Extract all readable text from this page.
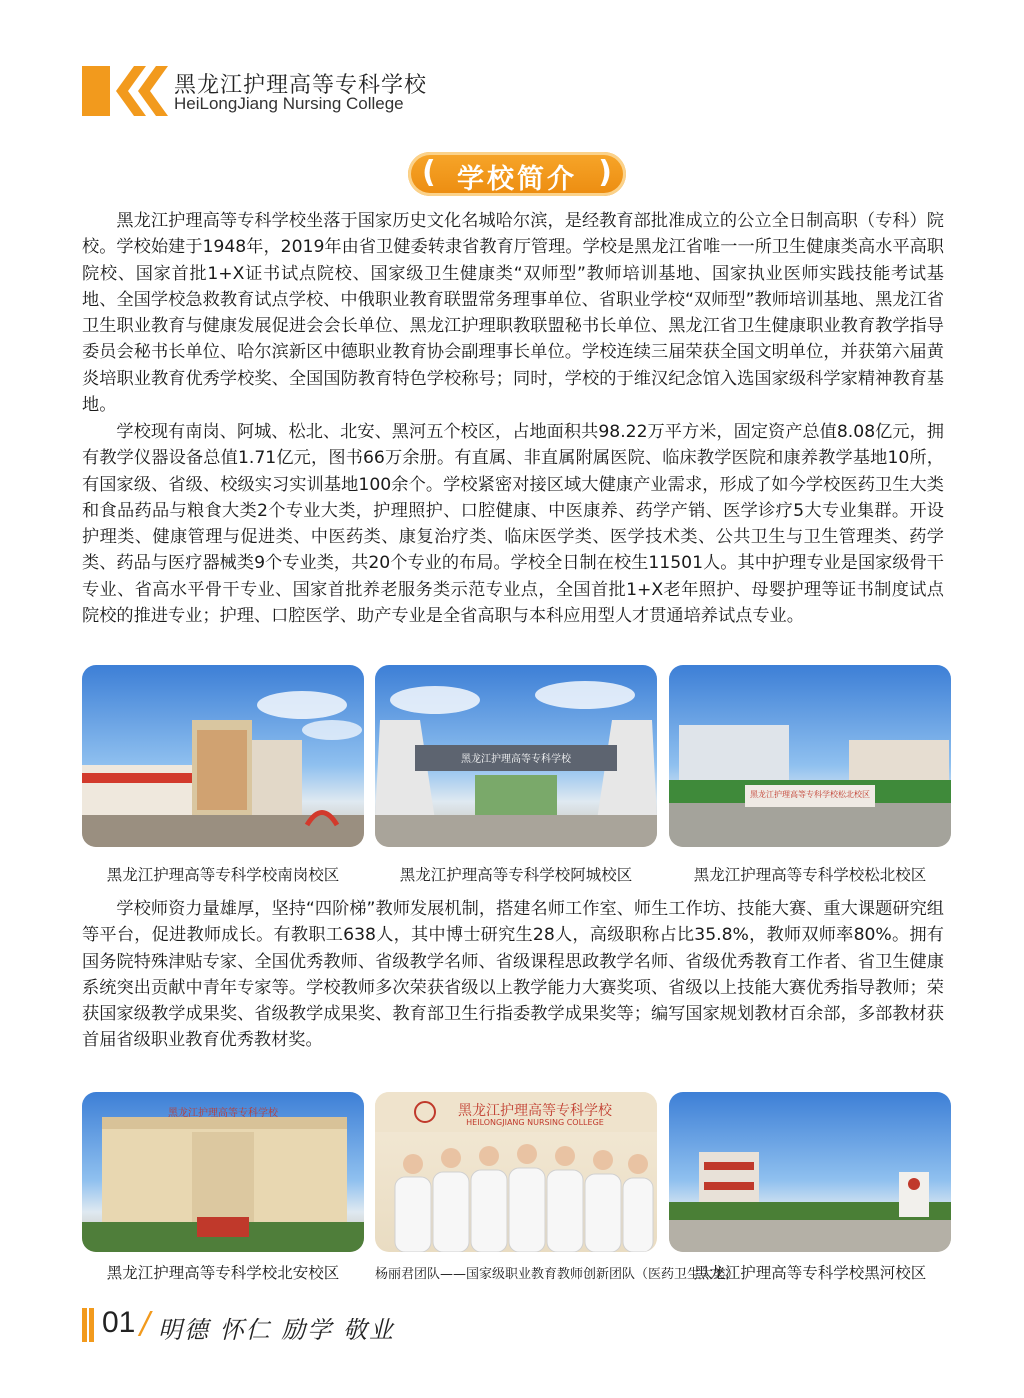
黑龙江护理高等专科学校
HeiLongJiang Nursing College
(	)
学校简介

黑龙江护理高等专科学校坐落于国家历史文化名城哈尔滨，是经教育部批准成立的公立全日制高职（专科）院校。学校始建于1948年，2019年由省卫健委转隶省教育厅管理。学校是黑龙江省唯一一所卫生健康类高水平高职院校、国家首批1+X证书试点院校、国家级卫生健康类“双师型”教师培训基地、国家执业医师实践技能考试基地、全国学校急救教育试点学校、中俄职业教育联盟常务理事单位、省职业学校“双师型”教师培训基地、黑龙江省卫生职业教育与健康发展促进会会长单位、黑龙江护理职教联盟秘书长单位、黑龙江省卫生健康职业教育教学指导委员会秘书长单位、哈尔滨新区中德职业教育协会副理事长单位。学校连续三届荣获全国文明单位，并获第六届黄炎培职业教育优秀学校奖、全国国防教育特色学校称号；同时，学校的于维汉纪念馆入选国家级科学家精神教育基地。

学校现有南岗、阿城、松北、北安、黑河五个校区，占地面积共98.22万平方米，固定资产总值8.08亿元，拥有教学仪器设备总值1.71亿元，图书66万余册。有直属、非直属附属医院、临床教学医院和康养教学基地10所，有国家级、省级、校级实习实训基地100余个。学校紧密对接区域大健康产业需求，形成了如今学校医药卫生大类和食品药品与粮食大类2个专业大类，护理照护、口腔健康、中医康养、药学产销、医学诊疗5大专业集群。开设护理类、健康管理与促进类、中医药类、康复治疗类、临床医学类、医学技术类、公共卫生与卫生管理类、药学类、药品与医疗器械类9个专业类，共20个专业的布局。学校全日制在校生11501人。其中护理专业是国家级骨干专业、省高水平骨干专业、国家首批养老服务类示范专业点，全国首批1+X老年照护、母婴护理等证书制度试点院校的推进专业；护理、口腔医学、助产专业是全省高职与本科应用型人才贯通培养试点专业。

黑龙江护理高等专科学校
黑龙江护理高等专科学校松北校区
黑龙江护理高等专科学校南岗校区	黑龙江护理高等专科学校阿城校区	黑龙江护理高等专科学校松北校区

学校师资力量雄厚，坚持“四阶梯”教师发展机制，搭建名师工作室、师生工作坊、技能大赛、重大课题研究组等平台，促进教师成长。有教职工638人，其中博士研究生28人，高级职称占比35.8%，教师双师率80%。拥有国务院特殊津贴专家、全国优秀教师、省级教学名师、省级课程思政教学名师、省级优秀教育工作者、省卫生健康系统突出贡献中青年专家等。学校教师多次荣获省级以上教学能力大赛奖项、省级以上技能大赛优秀指导教师；荣获国家级教学成果奖、省级教学成果奖、教育部卫生行指委教学成果奖等；编写国家规划教材百余部，多部教材获首届省级职业教育优秀教材奖。

黑龙江护理高等专科学校	黑龙江护理高等专科学校
HEILONGJIANG NURSING COLLEGE
黑龙江护理高等专科学校北安校区	杨丽君团队——国家级职业教育教师创新团队（医药卫生大类）
黑龙江护理高等专科学校黑河校区
01 / 明德 怀仁 励学 敬业
